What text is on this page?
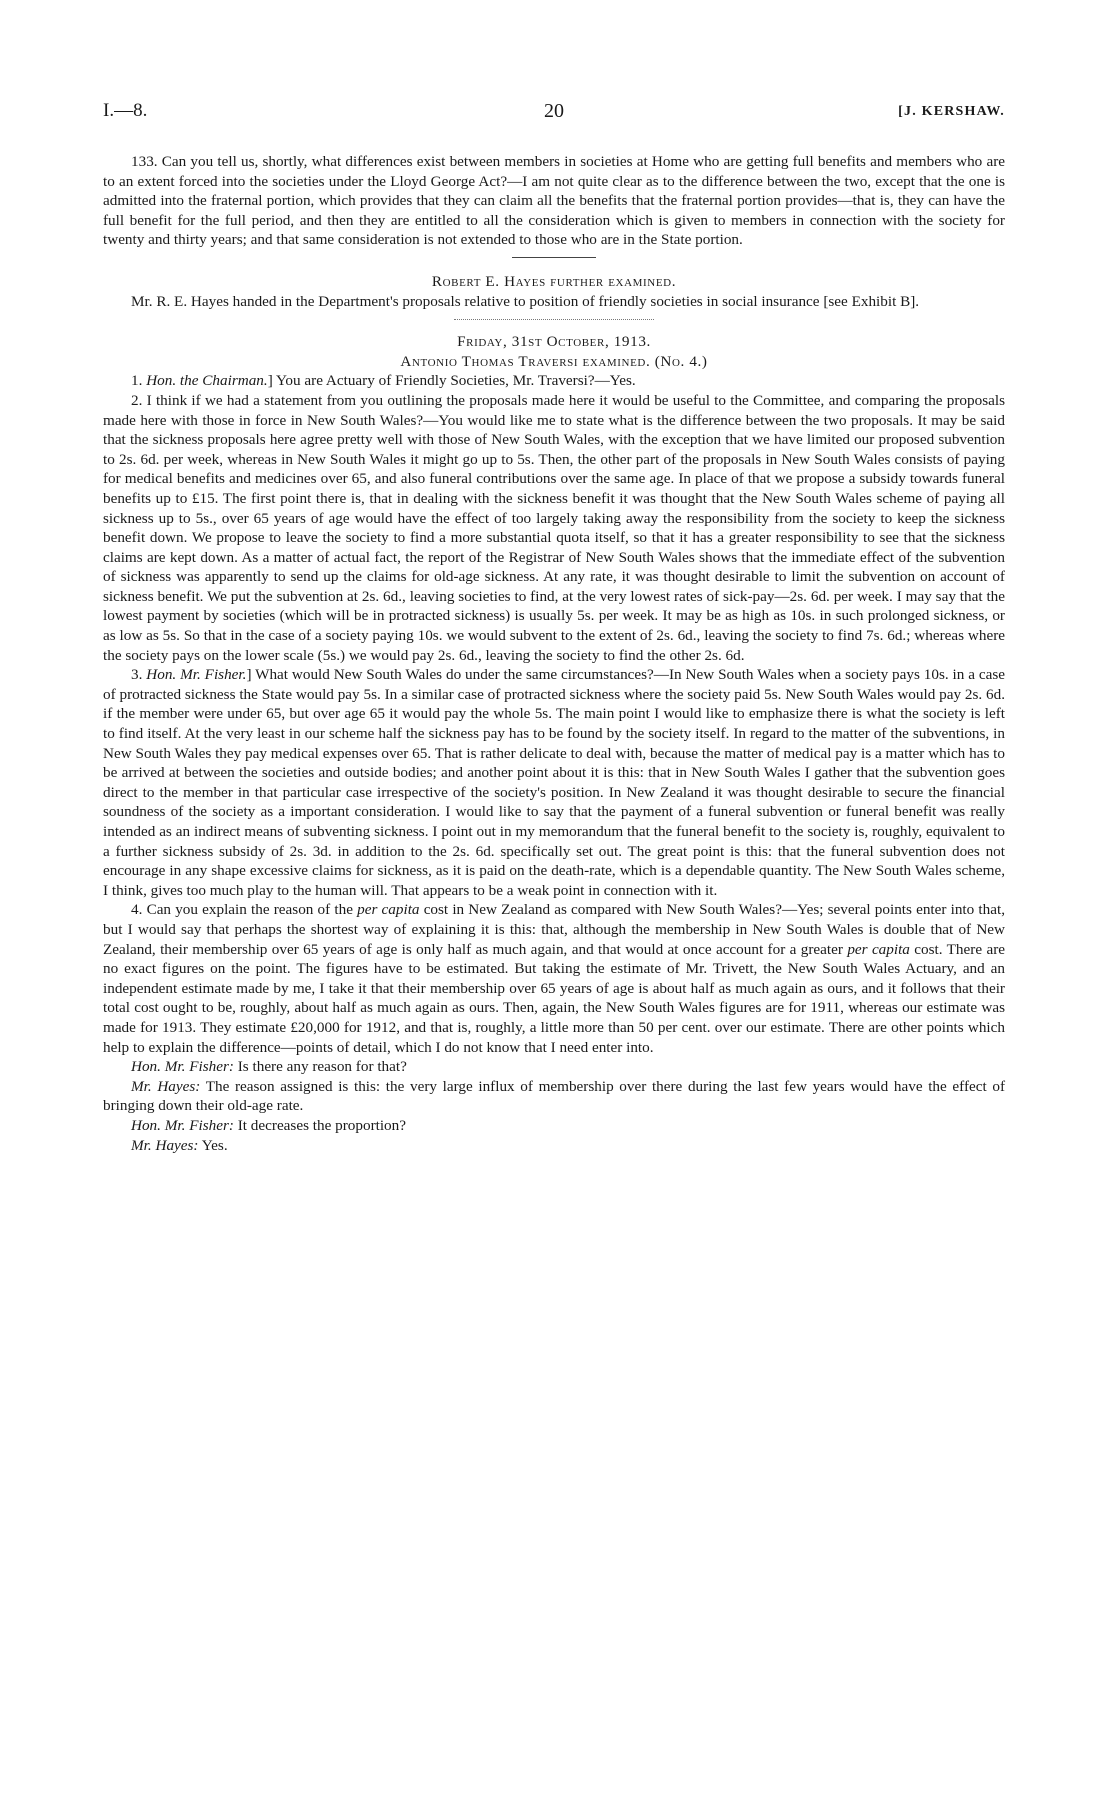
I.—8.	20	[J. KERSHAW.

133. Can you tell us, shortly, what differences exist between members in societies at Home who are getting full benefits and members who are to an extent forced into the societies under the Lloyd George Act?—I am not quite clear as to the difference between the two, except that the one is admitted into the fraternal portion, which provides that they can claim all the benefits that the fraternal portion provides—that is, they can have the full benefit for the full period, and then they are entitled to all the consideration which is given to members in connection with the society for twenty and thirty years; and that same consideration is not extended to those who are in the State portion.

Robert E. Hayes further examined.

Mr. R. E. Hayes handed in the Department's proposals relative to position of friendly societies in social insurance [see Exhibit B].

Friday, 31st October, 1913.

Antonio Thomas Traversi examined. (No. 4.)

1. Hon. the Chairman.] You are Actuary of Friendly Societies, Mr. Traversi?—Yes.

2. I think if we had a statement from you outlining the proposals made here it would be useful to the Committee, and comparing the proposals made here with those in force in New South Wales?—You would like me to state what is the difference between the two proposals. It may be said that the sickness proposals here agree pretty well with those of New South Wales, with the exception that we have limited our proposed subvention to 2s. 6d. per week, whereas in New South Wales it might go up to 5s. Then, the other part of the proposals in New South Wales consists of paying for medical benefits and medicines over 65, and also funeral contributions over the same age. In place of that we propose a subsidy towards funeral benefits up to £15. The first point there is, that in dealing with the sickness benefit it was thought that the New South Wales scheme of paying all sickness up to 5s., over 65 years of age would have the effect of too largely taking away the responsibility from the society to keep the sickness benefit down. We propose to leave the society to find a more substantial quota itself, so that it has a greater responsibility to see that the sickness claims are kept down. As a matter of actual fact, the report of the Registrar of New South Wales shows that the immediate effect of the subvention of sickness was apparently to send up the claims for old-age sickness. At any rate, it was thought desirable to limit the subvention on account of sickness benefit. We put the subvention at 2s. 6d., leaving societies to find, at the very lowest rates of sick-pay—2s. 6d. per week. I may say that the lowest payment by societies (which will be in protracted sickness) is usually 5s. per week. It may be as high as 10s. in such prolonged sickness, or as low as 5s. So that in the case of a society paying 10s. we would subvent to the extent of 2s. 6d., leaving the society to find 7s. 6d.; whereas where the society pays on the lower scale (5s.) we would pay 2s. 6d., leaving the society to find the other 2s. 6d.

3. Hon. Mr. Fisher.] What would New South Wales do under the same circumstances?—In New South Wales when a society pays 10s. in a case of protracted sickness the State would pay 5s. In a similar case of protracted sickness where the society paid 5s. New South Wales would pay 2s. 6d. if the member were under 65, but over age 65 it would pay the whole 5s. The main point I would like to emphasize there is what the society is left to find itself. At the very least in our scheme half the sickness pay has to be found by the society itself. In regard to the matter of the subventions, in New South Wales they pay medical expenses over 65. That is rather delicate to deal with, because the matter of medical pay is a matter which has to be arrived at between the societies and outside bodies; and another point about it is this: that in New South Wales I gather that the subvention goes direct to the member in that particular case irrespective of the society's position. In New Zealand it was thought desirable to secure the financial soundness of the society as a important consideration. I would like to say that the payment of a funeral subvention or funeral benefit was really intended as an indirect means of subventing sickness. I point out in my memorandum that the funeral benefit to the society is, roughly, equivalent to a further sickness subsidy of 2s. 3d. in addition to the 2s. 6d. specifically set out. The great point is this: that the funeral subvention does not encourage in any shape excessive claims for sickness, as it is paid on the death-rate, which is a dependable quantity. The New South Wales scheme, I think, gives too much play to the human will. That appears to be a weak point in connection with it.

4. Can you explain the reason of the per capita cost in New Zealand as compared with New South Wales?—Yes; several points enter into that, but I would say that perhaps the shortest way of explaining it is this: that, although the membership in New South Wales is double that of New Zealand, their membership over 65 years of age is only half as much again, and that would at once account for a greater per capita cost. There are no exact figures on the point. The figures have to be estimated. But taking the estimate of Mr. Trivett, the New South Wales Actuary, and an independent estimate made by me, I take it that their membership over 65 years of age is about half as much again as ours, and it follows that their total cost ought to be, roughly, about half as much again as ours. Then, again, the New South Wales figures are for 1911, whereas our estimate was made for 1913. They estimate £20,000 for 1912, and that is, roughly, a little more than 50 per cent. over our estimate. There are other points which help to explain the difference—points of detail, which I do not know that I need enter into.

Hon. Mr. Fisher: Is there any reason for that?

Mr. Hayes: The reason assigned is this: the very large influx of membership over there during the last few years would have the effect of bringing down their old-age rate.

Hon. Mr. Fisher: It decreases the proportion?

Mr. Hayes: Yes.
